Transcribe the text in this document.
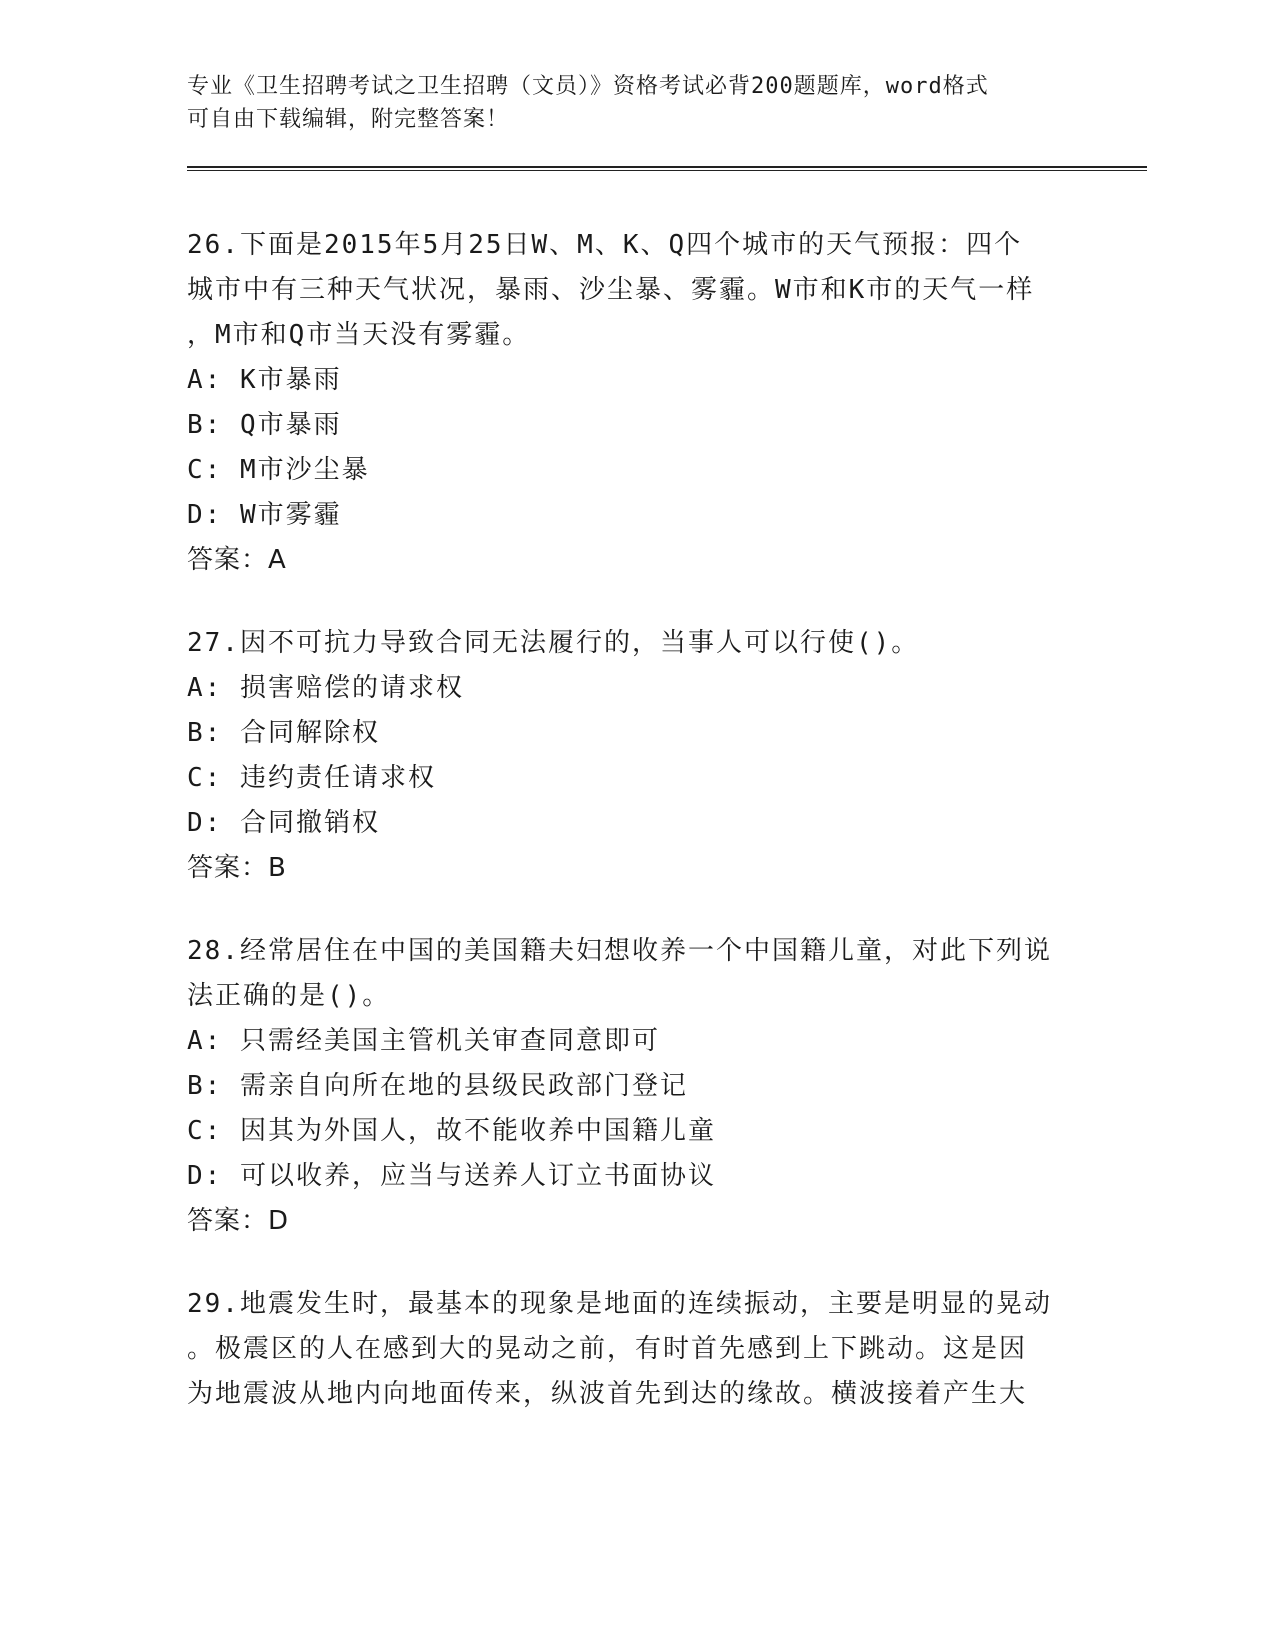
专业《卫生招聘考试之卫生招聘（文员）》资格考试必背200题题库，word格式
可自由下载编辑，附完整答案！
26.下面是2015年5月25日W、M、K、Q四个城市的天气预报：四个
城市中有三种天气状况，暴雨、沙尘暴、雾霾。W市和K市的天气一样
，M市和Q市当天没有雾霾。
A: K市暴雨
B: Q市暴雨
C: M市沙尘暴
D: W市雾霾
答案：A
27.因不可抗力导致合同无法履行的，当事人可以行使()。
A: 损害赔偿的请求权
B: 合同解除权
C: 违约责任请求权
D: 合同撤销权
答案：B
28.经常居住在中国的美国籍夫妇想收养一个中国籍儿童，对此下列说
法正确的是()。
A: 只需经美国主管机关审查同意即可
B: 需亲自向所在地的县级民政部门登记
C: 因其为外国人，故不能收养中国籍儿童
D: 可以收养，应当与送养人订立书面协议
答案：D
29.地震发生时，最基本的现象是地面的连续振动，主要是明显的晃动
。极震区的人在感到大的晃动之前，有时首先感到上下跳动。这是因
为地震波从地内向地面传来，纵波首先到达的缘故。横波接着产生大
